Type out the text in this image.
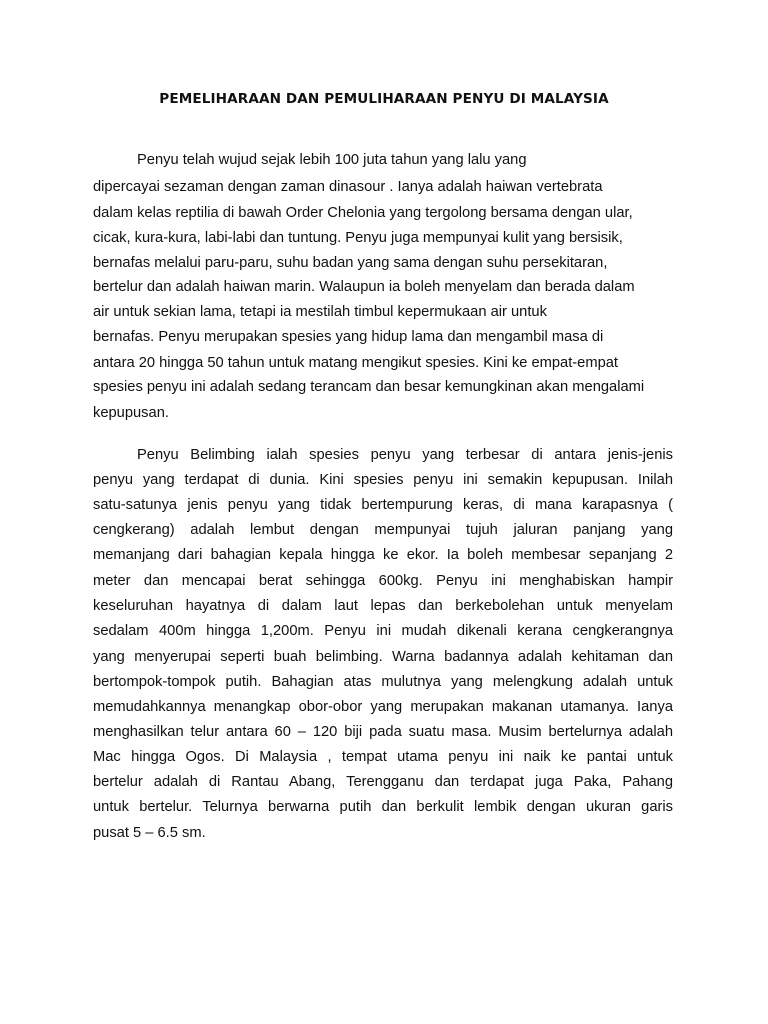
PEMELIHARAAN DAN PEMULIHARAAN PENYU DI MALAYSIA

Penyu telah wujud sejak lebih 100 juta tahun yang lalu yang

dipercayai sezaman dengan zaman dinasour . Ianya adalah haiwan vertebrata

dalam kelas reptilia di bawah Order Chelonia yang tergolong bersama dengan ular,

cicak, kura-kura, labi-labi dan tuntung. Penyu juga mempunyai kulit yang bersisik,

bernafas melalui paru-paru, suhu badan yang sama dengan suhu persekitaran,

bertelur dan adalah haiwan marin. Walaupun ia boleh menyelam dan berada dalam

air untuk sekian lama, tetapi ia mestilah timbul kepermukaan air untuk

bernafas. Penyu merupakan spesies yang hidup lama dan mengambil masa di

antara 20 hingga 50 tahun untuk matang mengikut spesies. Kini ke empat-empat

spesies penyu ini adalah sedang terancam dan besar kemungkinan akan mengalami

kepupusan.

Penyu Belimbing ialah spesies penyu yang terbesar di antara jenis-jenis

penyu yang terdapat di dunia. Kini spesies penyu ini semakin kepupusan. Inilah

satu-satunya jenis penyu yang tidak bertempurung keras, di mana karapasnya (

cengkerang) adalah lembut dengan mempunyai tujuh jaluran panjang yang

memanjang dari bahagian kepala hingga ke ekor. Ia boleh membesar sepanjang 2

meter dan mencapai berat sehingga 600kg. Penyu ini menghabiskan hampir

keseluruhan hayatnya di dalam laut lepas dan berkebolehan untuk menyelam

sedalam 400m hingga 1,200m. Penyu ini mudah dikenali kerana cengkerangnya

yang menyerupai seperti buah belimbing. Warna badannya adalah kehitaman dan

bertompok-tompok putih. Bahagian atas mulutnya yang melengkung adalah untuk

memudahkannya menangkap obor-obor yang merupakan makanan utamanya. Ianya

menghasilkan telur antara 60 – 120 biji pada suatu masa. Musim bertelurnya adalah

Mac hingga Ogos. Di Malaysia , tempat utama penyu ini naik ke pantai untuk

bertelur adalah di Rantau Abang, Terengganu dan terdapat juga Paka, Pahang

untuk bertelur. Telurnya berwarna putih dan berkulit lembik dengan ukuran garis

pusat 5 – 6.5 sm.
